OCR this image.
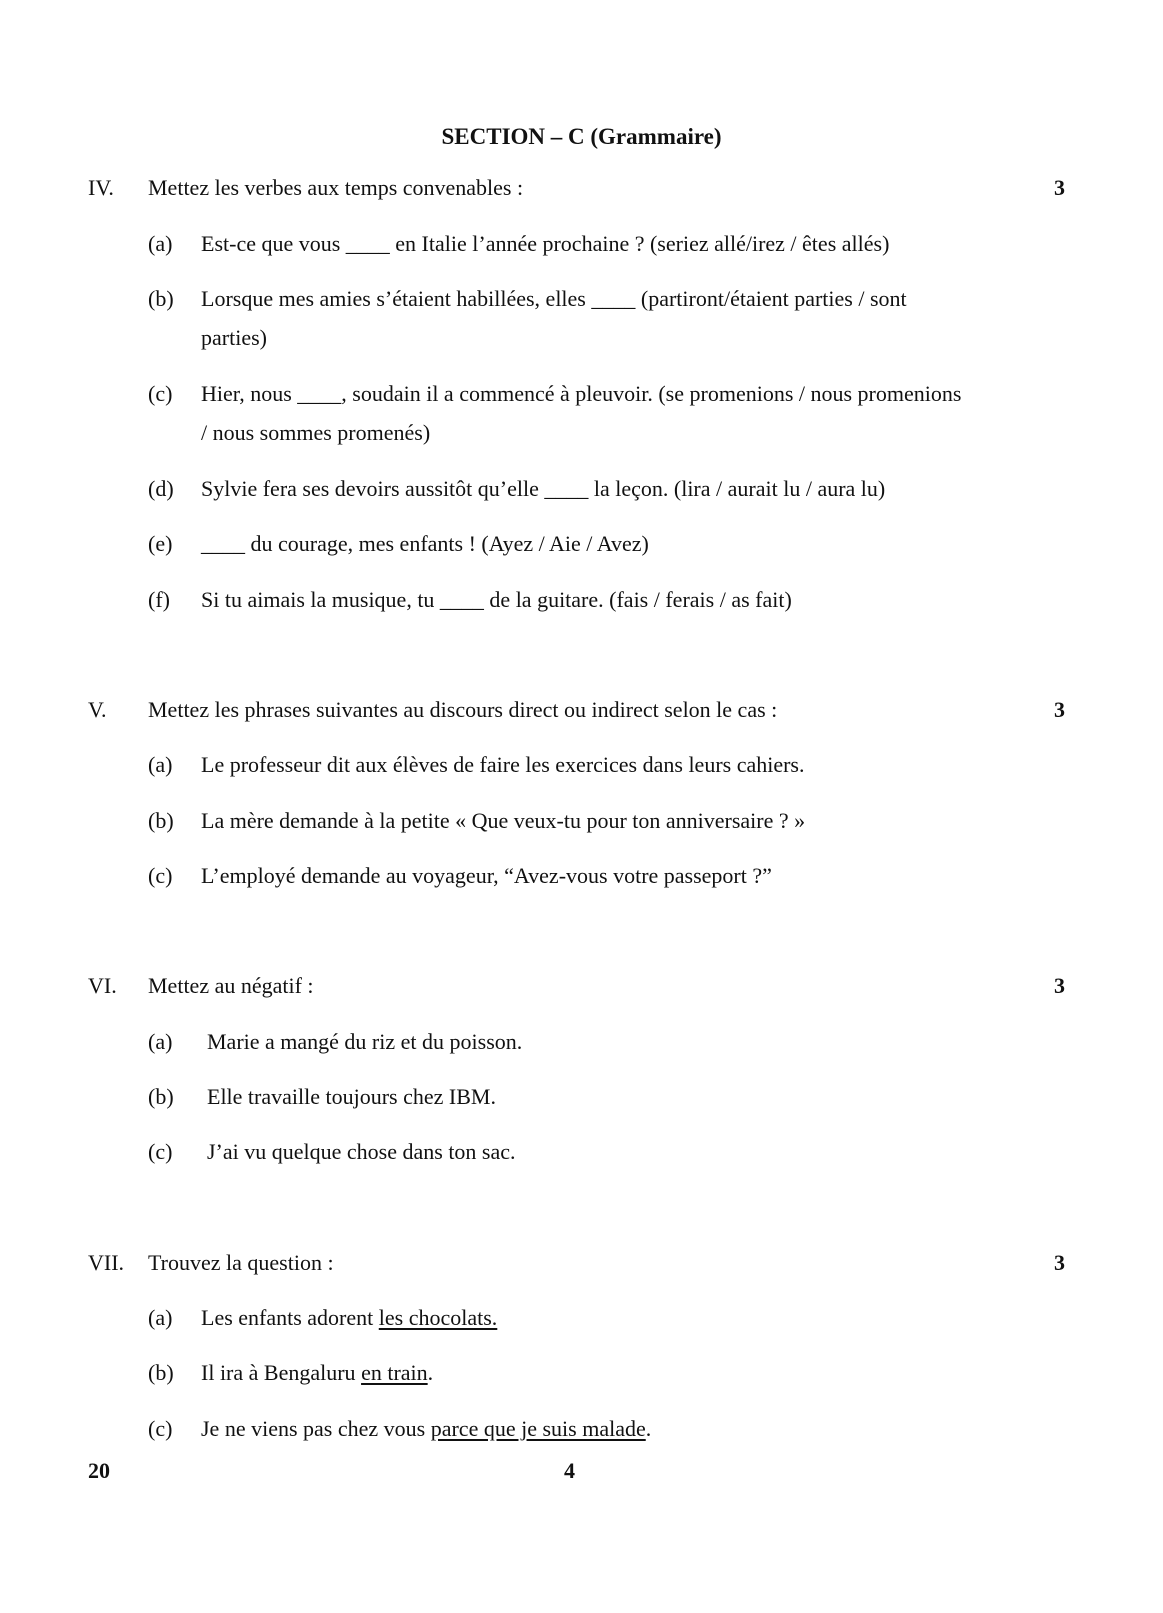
SECTION – C (Grammaire)
IV. Mettez les verbes aux temps convenables :	3
(a) Est-ce que vous ____ en Italie l’année prochaine ? (seriez allé/irez / êtes allés)
(b) Lorsque mes amies s’étaient habillées, elles ____ (partiront/étaient parties / sont
parties)
(c) Hier, nous ____, soudain il a commencé à pleuvoir. (se promenions / nous promenions
/ nous sommes promenés)
(d) Sylvie fera ses devoirs aussitôt qu’elle ____ la leçon. (lira / aurait lu / aura lu)
(e) ____ du courage, mes enfants ! (Ayez / Aie / Avez)
(f) Si tu aimais la musique, tu ____ de la guitare. (fais / ferais / as fait)
V. Mettez les phrases suivantes au discours direct ou indirect selon le cas :	3
(a) Le professeur dit aux élèves de faire les exercices dans leurs cahiers.
(b) La mère demande à la petite « Que veux-tu pour ton anniversaire ? »
(c) L’employé demande au voyageur, “Avez-vous votre passeport ?”
VI. Mettez au négatif :	3
(a) Marie a mangé du riz et du poisson.
(b) Elle travaille toujours chez IBM.
(c) J’ai vu quelque chose dans ton sac.
VII. Trouvez la question :	3
(a) Les enfants adorent les chocolats.
(b) Il ira à Bengaluru en train.
(c) Je ne viens pas chez vous parce que je suis malade.
20	4
